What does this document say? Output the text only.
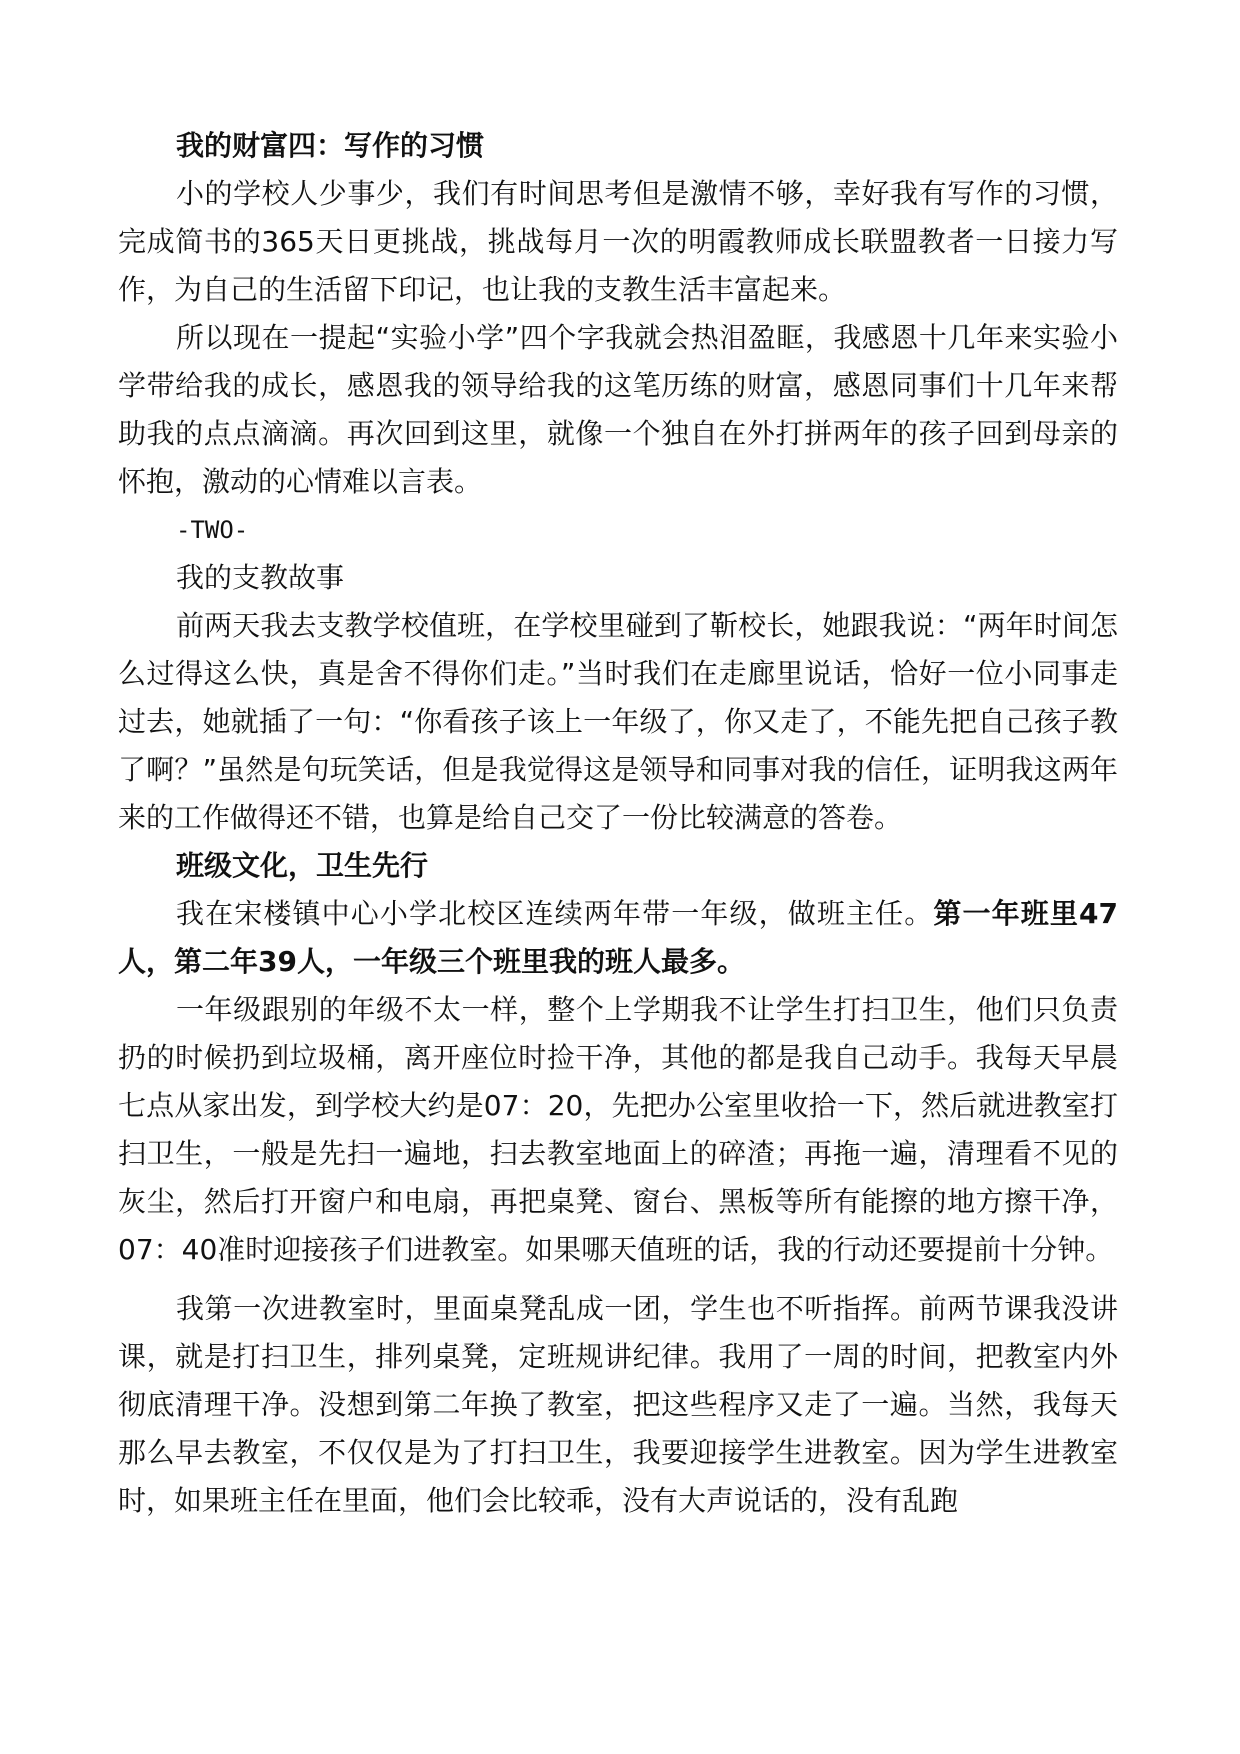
我的财富四：写作的习惯

小的学校人少事少，我们有时间思考但是激情不够，幸好我有写作的习惯，完成简书的365天日更挑战，挑战每月一次的明霞教师成长联盟教者一日接力写作，为自己的生活留下印记，也让我的支教生活丰富起来。

所以现在一提起“实验小学”四个字我就会热泪盈眶，我感恩十几年来实验小学带给我的成长，感恩我的领导给我的这笔历练的财富，感恩同事们十几年来帮助我的点点滴滴。再次回到这里，就像一个独自在外打拼两年的孩子回到母亲的怀抱，激动的心情难以言表。

-TWO-

我的支教故事

前两天我去支教学校值班，在学校里碰到了靳校长，她跟我说：“两年时间怎么过得这么快，真是舍不得你们走。”当时我们在走廊里说话，恰好一位小同事走过去，她就插了一句：“你看孩子该上一年级了，你又走了，不能先把自己孩子教了啊？”虽然是句玩笑话，但是我觉得这是领导和同事对我的信任，证明我这两年来的工作做得还不错，也算是给自己交了一份比较满意的答卷。

班级文化，卫生先行

我在宋楼镇中心小学北校区连续两年带一年级，做班主任。第一年班里47人，第二年39人，一年级三个班里我的班人最多。

一年级跟别的年级不太一样，整个上学期我不让学生打扫卫生，他们只负责扔的时候扔到垃圾桶，离开座位时捡干净，其他的都是我自己动手。我每天早晨七点从家出发，到学校大约是07：20，先把办公室里收拾一下，然后就进教室打扫卫生，一般是先扫一遍地，扫去教室地面上的碎渣；再拖一遍，清理看不见的灰尘，然后打开窗户和电扇，再把桌凳、窗台、黑板等所有能擦的地方擦干净，07：40准时迎接孩子们进教室。如果哪天值班的话，我的行动还要提前十分钟。

我第一次进教室时，里面桌凳乱成一团，学生也不听指挥。前两节课我没讲课，就是打扫卫生，排列桌凳，定班规讲纪律。我用了一周的时间，把教室内外彻底清理干净。没想到第二年换了教室，把这些程序又走了一遍。当然，我每天那么早去教室，不仅仅是为了打扫卫生，我要迎接学生进教室。因为学生进教室时，如果班主任在里面，他们会比较乖，没有大声说话的，没有乱跑
